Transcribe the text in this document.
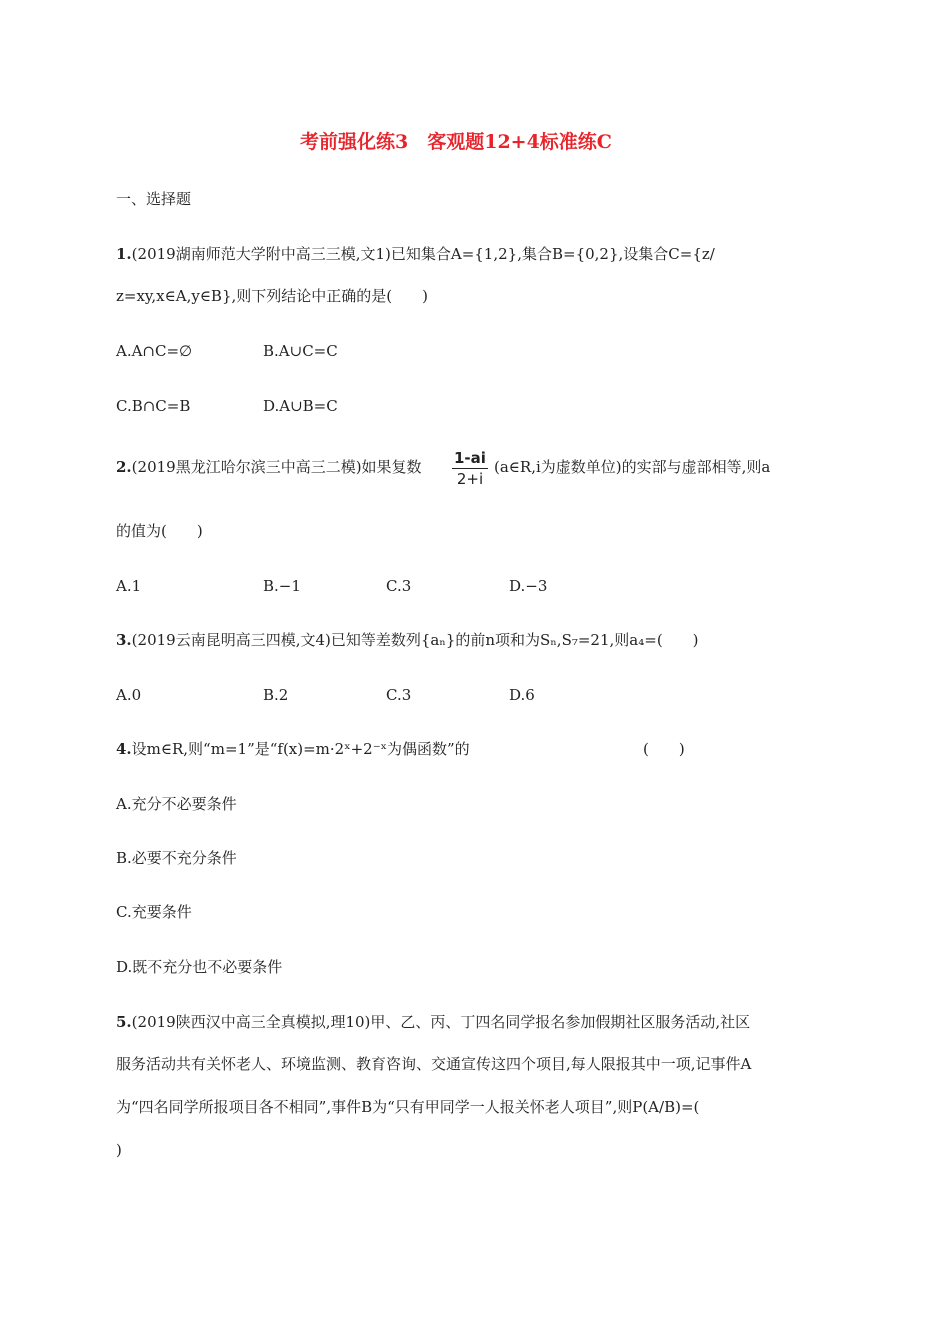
考前强化练3　客观题12+4标准练C
一、选择题
1.(2019湖南师范大学附中高三三模,文1)已知集合A={1,2},集合B={0,2},设集合C={z/
z=xy,x∈A,y∈B},则下列结论中正确的是(　　)
A.A∩C=∅	B.A∪C=C
C.B∩C=B	D.A∪B=C
2.(2019黑龙江哈尔滨三中高三二模)如果复数 $\frac{1-ai}{2+i}$ (a∈R,i为虚数单位)的实部与虚部相等,则a
的值为(　　)
A.1	B.−1	C.3	D.−3
3.(2019云南昆明高三四模,文4)已知等差数列{aₙ}的前n项和为Sₙ,S₇=21,则a₄=(　　)
A.0	B.2	C.3	D.6
4.设m∈R,则“m=1”是“f(x)=m·2ˣ+2⁻ˣ为偶函数”的	(　　)
A.充分不必要条件
B.必要不充分条件
C.充要条件
D.既不充分也不必要条件
5.(2019陕西汉中高三全真模拟,理10)甲、乙、丙、丁四名同学报名参加假期社区服务活动,社区
服务活动共有关怀老人、环境监测、教育咨询、交通宣传这四个项目,每人限报其中一项,记事件A
为“四名同学所报项目各不相同”,事件B为“只有甲同学一人报关怀老人项目”,则P(A/B)=(
)
